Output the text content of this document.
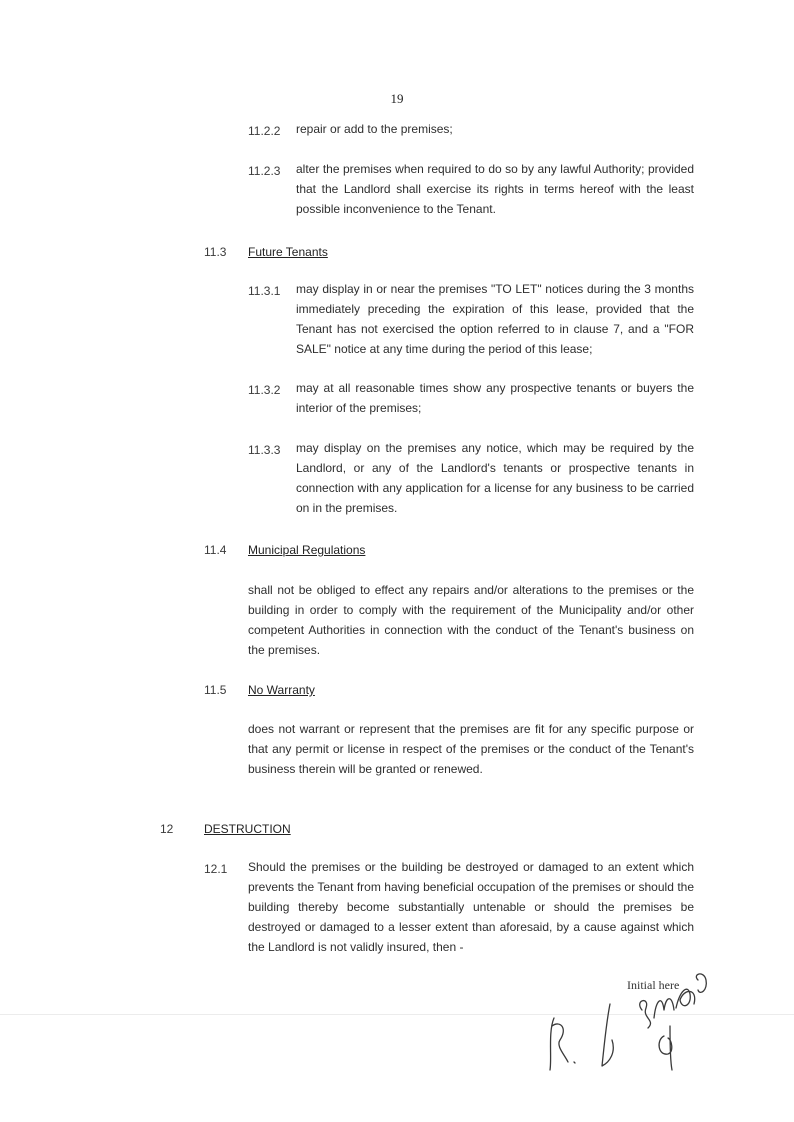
19
11.2.2 repair or add to the premises;

11.2.3 alter the premises when required to do so by any lawful Authority; provided that the Landlord shall exercise its rights in terms hereof with the least possible inconvenience to the Tenant.

11.3 Future Tenants
11.3.1 may display in or near the premises "TO LET" notices during the 3 months immediately preceding the expiration of this lease, provided that the Tenant has not exercised the option referred to in clause 7, and a "FOR SALE" notice at any time during the period of this lease;

11.3.2 may at all reasonable times show any prospective tenants or buyers the interior of the premises;

11.3.3 may display on the premises any notice, which may be required by the Landlord, or any of the Landlord's tenants or prospective tenants in connection with any application for a license for any business to be carried on in the premises.

11.4 Municipal Regulations

shall not be obliged to effect any repairs and/or alterations to the premises or the building in order to comply with the requirement of the Municipality and/or other competent Authorities in connection with the conduct of the Tenant's business on the premises.

11.5 No Warranty

does not warrant or represent that the premises are fit for any specific purpose or that any permit or license in respect of the premises or the conduct of the Tenant's business therein will be granted or renewed.

12	DESTRUCTION
12.1 Should the premises or the building be destroyed or damaged to an extent which prevents the Tenant from having beneficial occupation of the premises or should the building thereby become substantially untenable or should the premises be destroyed or damaged to a lesser extent than aforesaid, by a cause against which the Landlord is not validly insured, then -

Initial here
